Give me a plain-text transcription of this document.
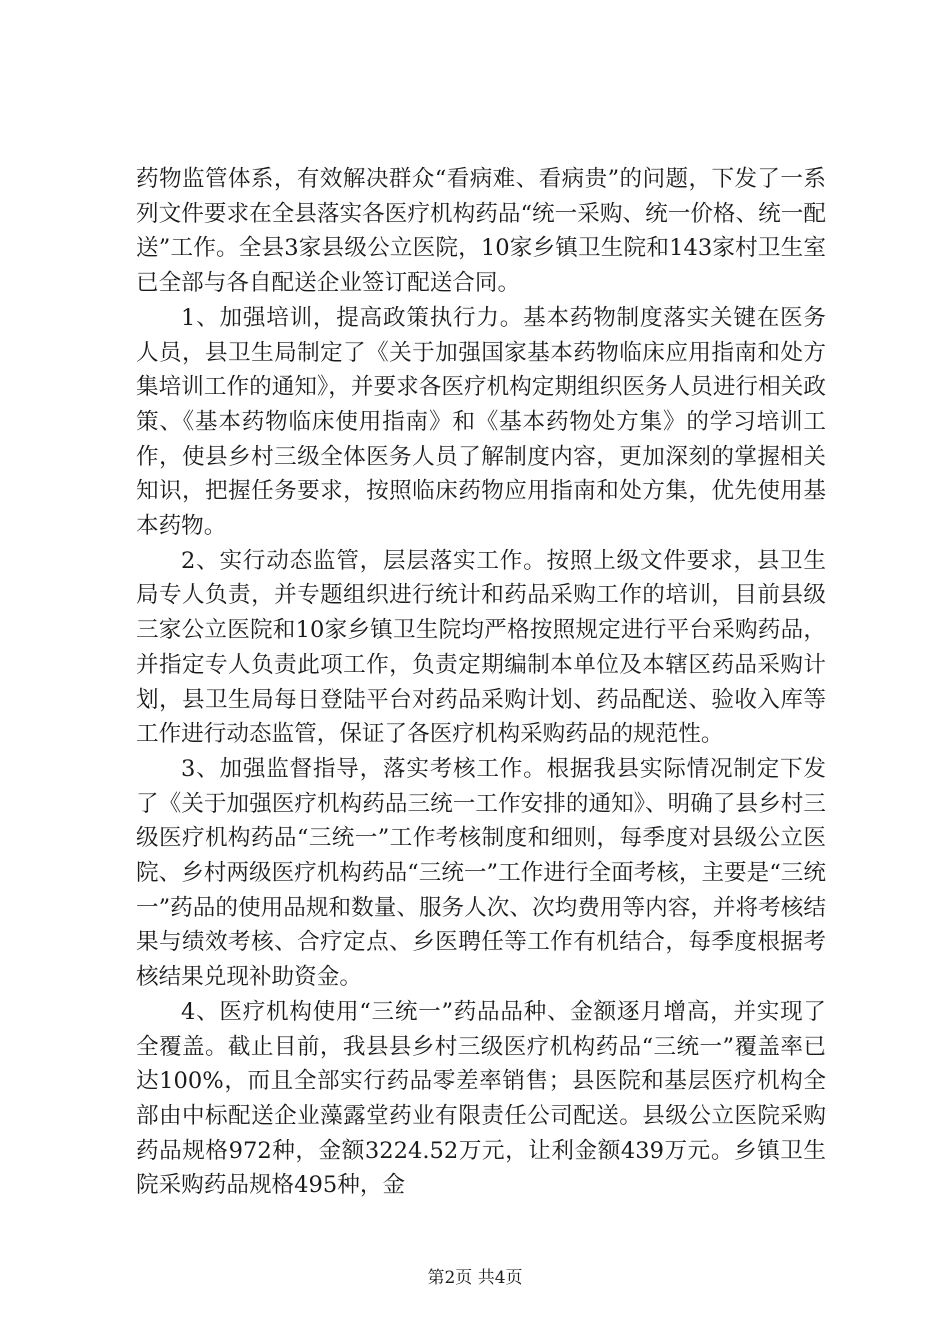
药物监管体系，有效解决群众“看病难、看病贵”的问题，下发了一系列文件要求在全县落实各医疗机构药品“统一采购、统一价格、统一配送”工作。全县3家县级公立医院，10家乡镇卫生院和143家村卫生室已全部与各自配送企业签订配送合同。

1、加强培训，提高政策执行力。基本药物制度落实关键在医务人员，县卫生局制定了《关于加强国家基本药物临床应用指南和处方集培训工作的通知》，并要求各医疗机构定期组织医务人员进行相关政策、《基本药物临床使用指南》和《基本药物处方集》的学习培训工作，使县乡村三级全体医务人员了解制度内容，更加深刻的掌握相关知识，把握任务要求，按照临床药物应用指南和处方集，优先使用基本药物。

2、实行动态监管，层层落实工作。按照上级文件要求，县卫生局专人负责，并专题组织进行统计和药品采购工作的培训，目前县级三家公立医院和10家乡镇卫生院均严格按照规定进行平台采购药品，并指定专人负责此项工作，负责定期编制本单位及本辖区药品采购计划，县卫生局每日登陆平台对药品采购计划、药品配送、验收入库等工作进行动态监管，保证了各医疗机构采购药品的规范性。

3、加强监督指导，落实考核工作。根据我县实际情况制定下发了《关于加强医疗机构药品三统一工作安排的通知》、明确了县乡村三级医疗机构药品“三统一”工作考核制度和细则，每季度对县级公立医院、乡村两级医疗机构药品“三统一”工作进行全面考核，主要是“三统一”药品的使用品规和数量、服务人次、次均费用等内容，并将考核结果与绩效考核、合疗定点、乡医聘任等工作有机结合，每季度根据考核结果兑现补助资金。

4、医疗机构使用“三统一”药品品种、金额逐月增高，并实现了全覆盖。截止目前，我县县乡村三级医疗机构药品“三统一”覆盖率已达100%，而且全部实行药品零差率销售；县医院和基层医疗机构全部由中标配送企业藻露堂药业有限责任公司配送。县级公立医院采购药品规格972种，金额3224.52万元，让利金额439万元。乡镇卫生院采购药品规格495种，金

第2页 共4页
